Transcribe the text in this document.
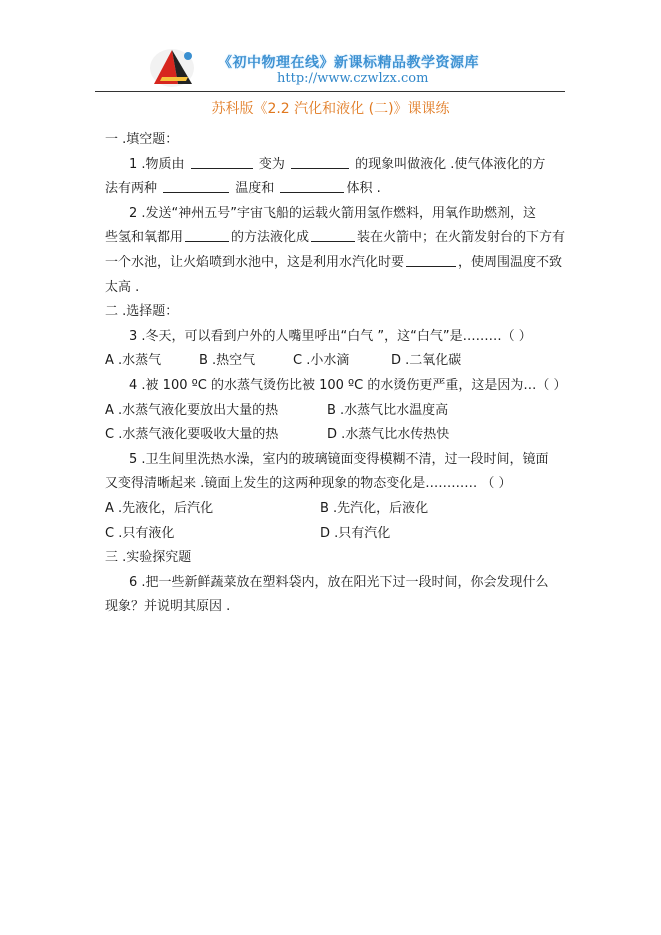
《初中物理在线》新课标精品教学资源库
http://www.czwlzx.com
苏科版《2.2 汽化和液化 (二)》课课练
一 .填空题：
1 .物质由	变为	的现象叫做液化 .使气体液化的方
法有两种	温度和	体积 .
2 .发送“神州五号”宇宙飞船的运载火箭用氢作燃料，用氧作助燃剂，这
些氢和氧都用	的方法液化成	装在火箭中；在火箭发射台的下方有
一个水池，让火焰喷到水池中，这是利用水汽化时要	，使周围温度不致
太高 .
二 .选择题：
3 .冬天，可以看到户外的人嘴里呼出“白气 ”，这“白气”是………（ ）
A .水蒸气	B .热空气	C .小水滴	D .二氧化碳
4 .被 100 ºC 的水蒸气烫伤比被 100 ºC 的水烫伤更严重，这是因为…（ ）
A .水蒸气液化要放出大量的热	B .水蒸气比水温度高
C .水蒸气液化要吸收大量的热	D .水蒸气比水传热快
5 .卫生间里洗热水澡，室内的玻璃镜面变得模糊不清，过一段时间，镜面
又变得清晰起来 .镜面上发生的这两种现象的物态变化是………… （ ）
A .先液化，后汽化	B .先汽化，后液化
C .只有液化	D .只有汽化
三 .实验探究题
6 .把一些新鲜蔬菜放在塑料袋内，放在阳光下过一段时间，你会发现什么
现象？并说明其原因 .
